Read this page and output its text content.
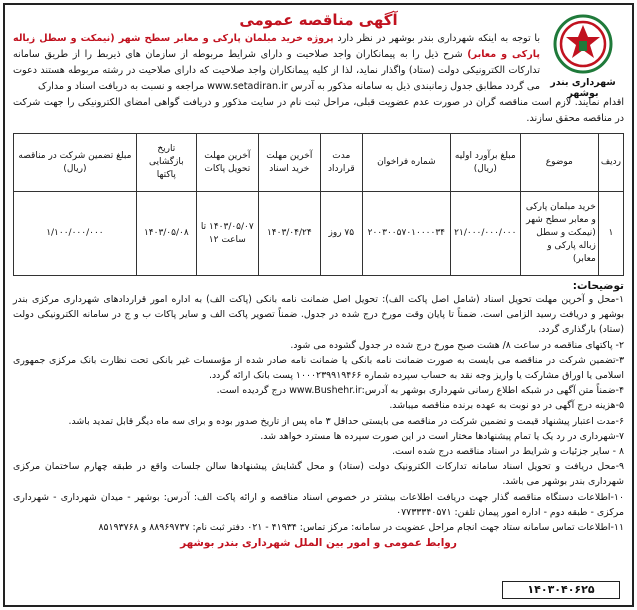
شهرداری بندر بوشهر
آگهی مناقصه عمومی
با توجه به اینکه شهرداری بندر بوشهر در نظر دارد پروژه خرید مبلمان پارکی و معابر سطح شهر (نیمکت و سطل زباله پارکی و معابر) شرح ذیل را به پیمانکاران واجد صلاحیت و دارای شرایط مربوطه از سازمان های ذیربط را از طریق سامانه تدارکات الکترونیکی دولت (ستاد) واگذار نماید، لذا از کلیه پیمانکاران واجد صلاحیت که دارای صلاحیت در رشته مربوطه هستند دعوت می گردد مطابق جدول زمانبندی ذیل به سامانه مذکور به آدرس www.setadiran.ir مراجعه و نسبت به دریافت اسناد و مدارک
اقدام نمایند. لازم است مناقصه گران در صورت عدم عضویت قبلی، مراحل ثبت نام در سایت مذکور و دریافت گواهی امضای الکترونیکی را جهت شرکت در مناقصه محقق سازند.
ردیف	موضوع	مبلغ برآورد اولیه (ریال)	شماره فراخوان	مدت قرارداد	آخرین مهلت خرید اسناد	آخرین مهلت تحویل پاکات	تاریخ بازگشایی پاکتها	مبلغ تضمین شرکت در مناقصه (ریال)
۱	خرید مبلمان پارکی و معابر سطح شهر (نیمکت و سطل زباله پارکی و معابر)	۲۱/۰۰۰/۰۰۰/۰۰۰	۲۰۰۳۰۰۵۷۰۱۰۰۰۰۳۴	۷۵ روز	۱۴۰۳/۰۴/۲۴	۱۴۰۳/۰۵/۰۷ تا ساعت ۱۲	۱۴۰۳/۰۵/۰۸	۱/۱۰۰/۰۰۰/۰۰۰
توضیحات:

۱-محل و آخرین مهلت تحویل اسناد (شامل اصل پاکت الف): تحویل اصل ضمانت نامه بانکی (پاکت الف) به اداره امور قراردادهای شهرداری مرکزی بندر بوشهر و دریافت رسید الزامی است. ضمناً تا پایان وقت مورخ درج شده در جدول. ضمناً تصویر پاکت الف و سایر پاکات ب و ج در سامانه الکترونیکی دولت (ستاد) بارگذاری گردد.

۲- پاکتهای مناقصه در ساعت ۸/ هشت صبح مورخ درج شده در جدول گشوده می شود.

۳-تضمین شرکت در مناقصه می بایست به صورت ضمانت نامه بانکی یا ضمانت نامه صادر شده از مؤسسات غیر بانکی تحت نظارت بانک مرکزی جمهوری اسلامی یا اوراق مشارکت یا واریز وجه نقد به حساب سپرده شماره ۱۰۰۰۲۳۹۹۱۹۴۶۶ پست بانک ارائه گردد.

۴-ضمناً متن آگهی در شبکه اطلاع رسانی شهرداری بوشهر به آدرس:www.Bushehr.ir درج گردیده است.

۵-هزینه درج آگهی در دو نوبت به عهده برنده مناقصه میباشد.

۶-مدت اعتبار پیشنهاد قیمت و تضمین شرکت در مناقصه می بایستی حداقل ۳ ماه پس از تاریخ صدور بوده و برای سه ماه دیگر قابل تمدید باشد.

۷-شهرداری در رد یک یا تمام پیشنهادها مختار است در این صورت سپرده ها مسترد خواهد شد.

۸ - سایر جزئیات و شرایط در اسناد مناقصه درج شده است.

۹-محل دریافت و تحویل اسناد سامانه تدارکات الکترونیک دولت (ستاد) و محل گشایش پیشنهادها سالن جلسات واقع در طبقه چهارم ساختمان مرکزی شهرداری بندر بوشهر می باشد.

۱۰-اطلاعات دستگاه مناقصه گذار جهت دریافت اطلاعات بیشتر در خصوص اسناد مناقصه و ارائه پاکت الف: آدرس: بوشهر - میدان شهرداری - شهرداری مرکزی - طبقه دوم - اداره امور پیمان تلفن: ۰۷۷۳۳۳۴۰۵۷۱

۱۱-اطلاعات تماس سامانه ستاد جهت انجام مراحل عضویت در سامانه: مرکز تماس: ۴۱۹۳۴ - ۰۲۱ دفتر ثبت نام: ۸۸۹۶۹۷۳۷ و ۸۵۱۹۳۷۶۸

روابط عمومی و امور بین الملل شهرداری بندر بوشهر
۱۴۰۳۰۴۰۶۲۵
